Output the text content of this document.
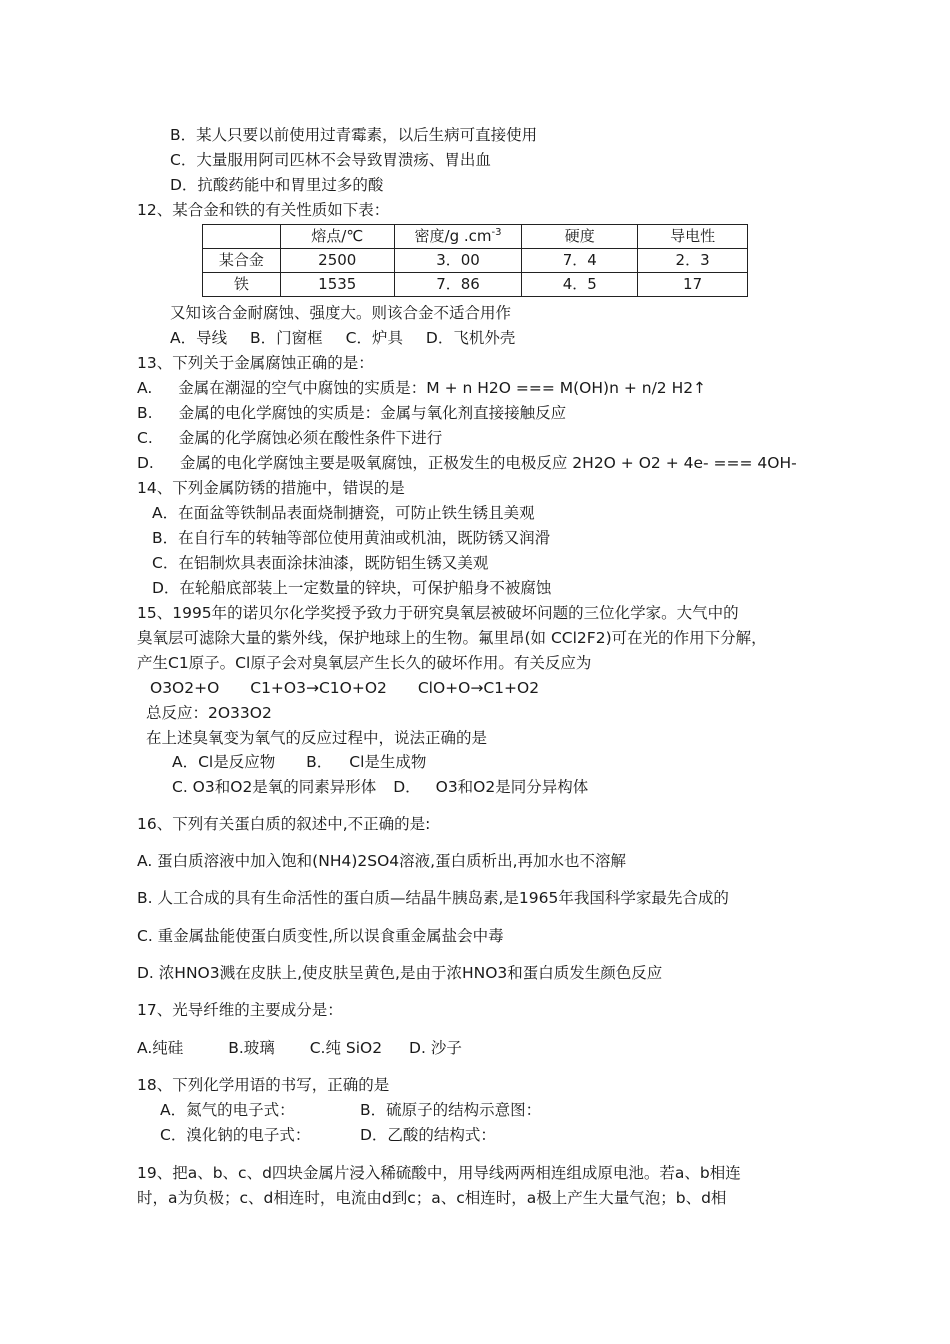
B．某人只要以前使用过青霉素，以后生病可直接使用
C．大量服用阿司匹林不会导致胃溃疡、胃出血
D．抗酸药能中和胃里过多的酸
12、某合金和铁的有关性质如下表：
	熔点/℃	密度/g $.cm^{-3}$	硬度	导电性
某合金	2500	3．00	7．4	2．3
铁	1535	7．86	4．5	17
又知该合金耐腐蚀、强度大。则该合金不适合用作
A．导线 B．门窗框 C．炉具 D．飞机外壳
13、下列关于金属腐蚀正确的是：
A. 金属在潮湿的空气中腐蚀的实质是：M + n H2O === M(OH)n + n/2 H2↑
B. 金属的电化学腐蚀的实质是：金属与氧化剂直接接触反应
C. 金属的化学腐蚀必须在酸性条件下进行
D. 金属的电化学腐蚀主要是吸氧腐蚀，正极发生的电极反应 2H2O + O2 + 4e- === 4OH-
14、下列金属防锈的措施中，错误的是
A．在面盆等铁制品表面烧制搪瓷，可防止铁生锈且美观
B．在自行车的转轴等部位使用黄油或机油，既防锈又润滑
C．在铝制炊具表面涂抹油漆，既防铝生锈又美观
D．在轮船底部装上一定数量的锌块，可保护船身不被腐蚀
15、1995年的诺贝尔化学奖授予致力于研究臭氧层被破坏问题的三位化学家。大气中的
臭氧层可滤除大量的紫外线，保护地球上的生物。氟里昂(如 CCl2F2)可在光的作用下分解，
产生C1原子。Cl原子会对臭氧层产生长久的破坏作用。有关反应为
O3O2+O C1+O3→C1O+O2 ClO+O→C1+O2
总反应：2O33O2
在上述臭氧变为氧气的反应过程中，说法正确的是
A．Cl是反应物 B． Cl是生成物
C. O3和O2是氧的同素异形体 D． O3和O2是同分异构体
16、下列有关蛋白质的叙述中,不正确的是:
A. 蛋白质溶液中加入饱和(NH4)2SO4溶液,蛋白质析出,再加水也不溶解
B. 人工合成的具有生命活性的蛋白质—结晶牛胰岛素,是1965年我国科学家最先合成的
C. 重金属盐能使蛋白质变性,所以误食重金属盐会中毒
D. 浓HNO3溅在皮肤上,使皮肤呈黄色,是由于浓HNO3和蛋白质发生颜色反应
17、光导纤维的主要成分是：
A.纯硅	B.玻璃 C.纯 SiO2 D. 沙子
18、下列化学用语的书写，正确的是
A．氮气的电子式：	B．硫原子的结构示意图：
C．溴化钠的电子式：	D．乙酸的结构式：
19、把a、b、c、d四块金属片浸入稀硫酸中，用导线两两相连组成原电池。若a、b相连
时，a为负极；c、d相连时，电流由d到c；a、c相连时，a极上产生大量气泡；b、d相
